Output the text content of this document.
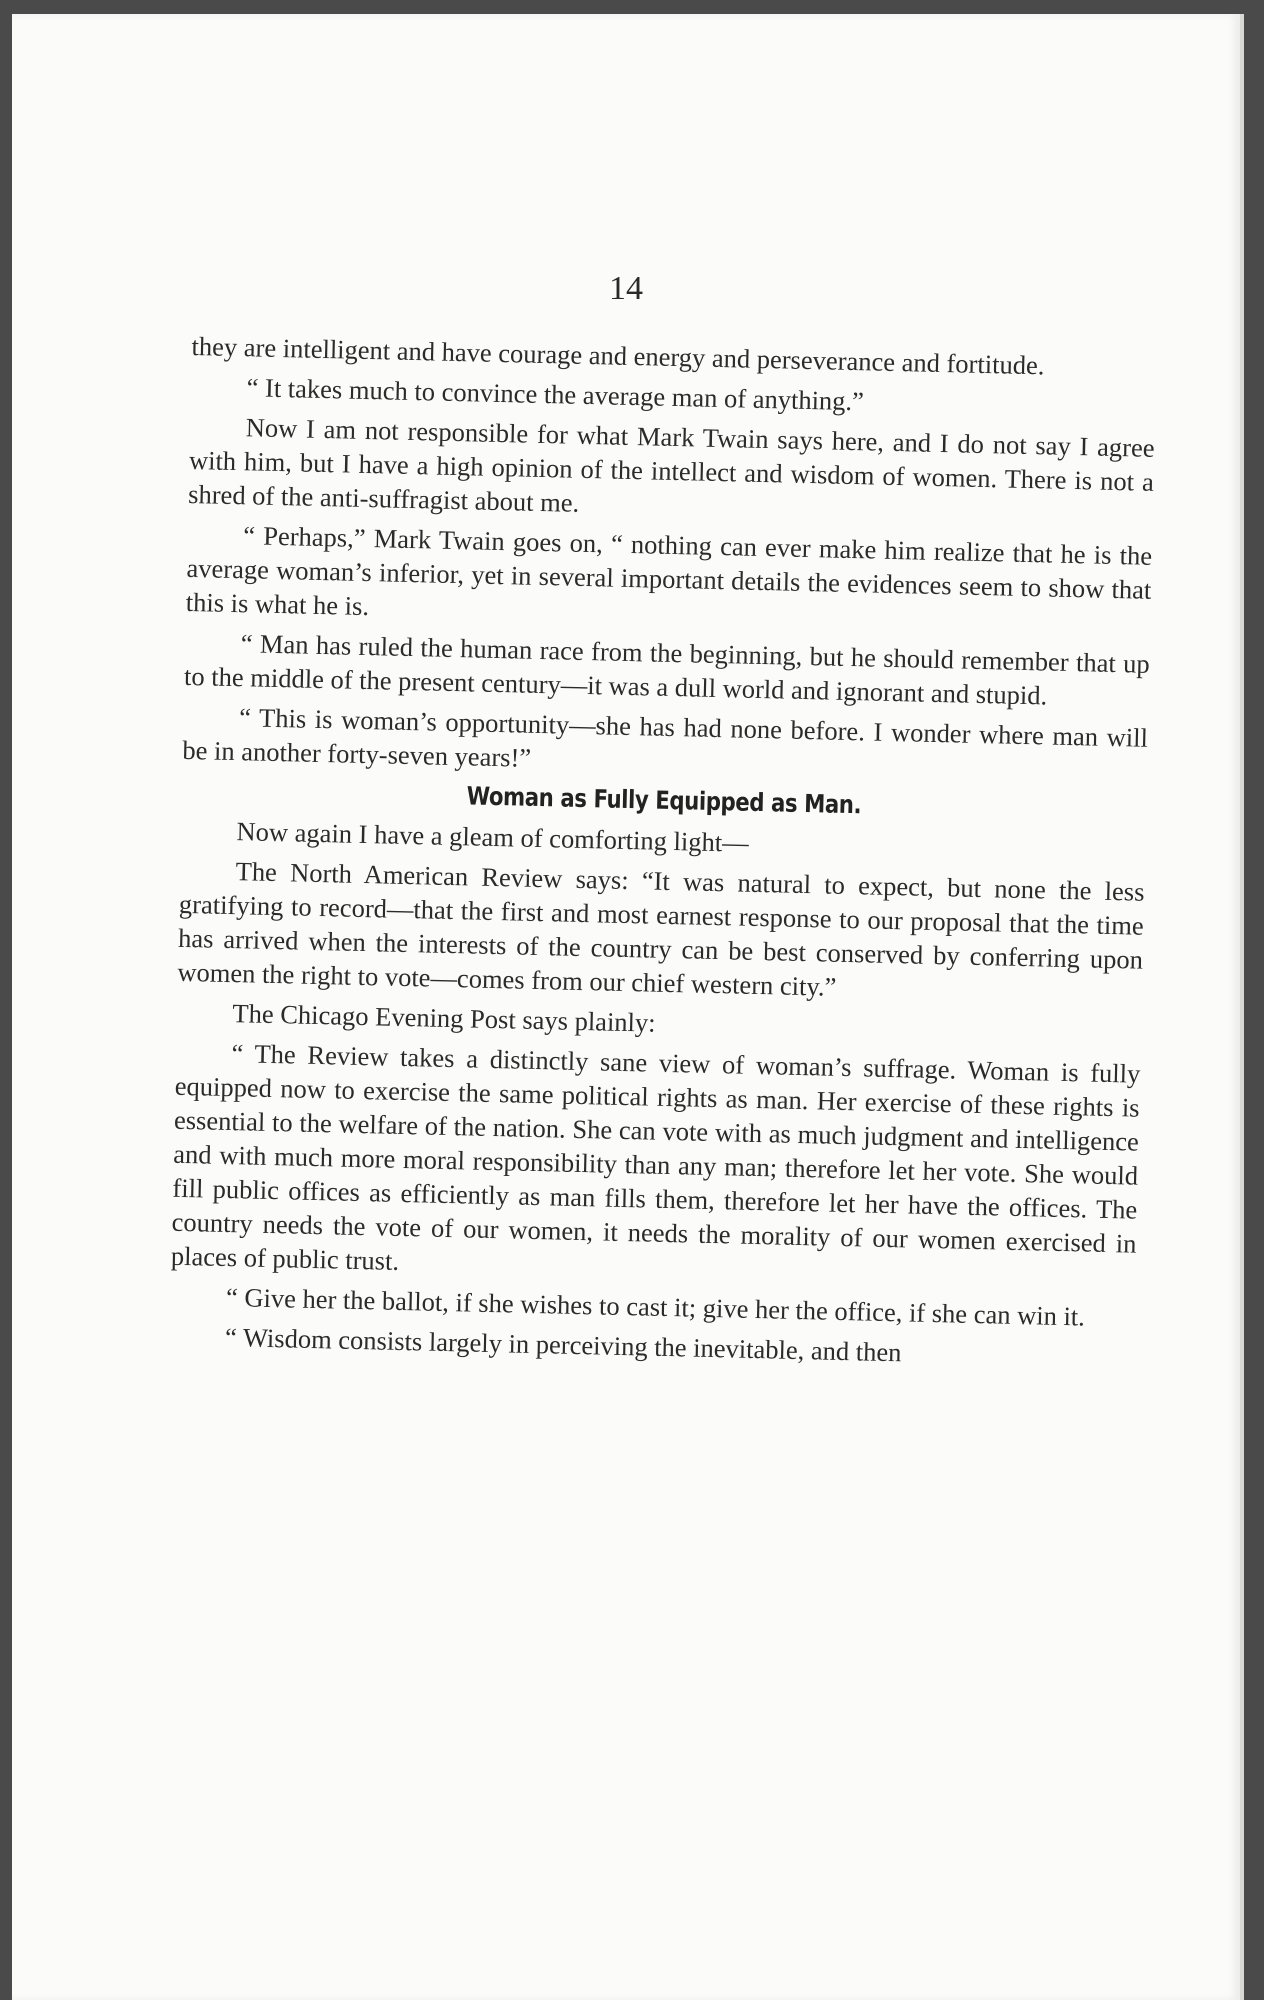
14

they are intelligent and have courage and energy and perseverance and fortitude.

“ It takes much to convince the average man of anything.”

Now I am not responsible for what Mark Twain says here, and I do not say I agree with him, but I have a high opinion of the intellect and wisdom of women. There is not a shred of the anti-suffragist about me.

“ Perhaps,” Mark Twain goes on, “ nothing can ever make him realize that he is the average woman’s inferior, yet in several important details the evidences seem to show that this is what he is.

“ Man has ruled the human race from the beginning, but he should remember that up to the middle of the present century—it was a dull world and ignorant and stupid.

“ This is woman’s opportunity—she has had none before. I wonder where man will be in another forty-seven years!”

Woman as Fully Equipped as Man.

Now again I have a gleam of comforting light—

The North American Review says: “It was natural to expect, but none the less gratifying to record—that the first and most earnest response to our proposal that the time has arrived when the interests of the country can be best conserved by conferring upon women the right to vote—comes from our chief western city.”

The Chicago Evening Post says plainly:

“ The Review takes a distinctly sane view of woman’s suffrage. Woman is fully equipped now to exercise the same political rights as man. Her exercise of these rights is essential to the welfare of the nation. She can vote with as much judgment and intelligence and with much more moral responsibility than any man; therefore let her vote. She would fill public offices as efficiently as man fills them, therefore let her have the offices. The country needs the vote of our women, it needs the morality of our women exercised in places of public trust.

“ Give her the ballot, if she wishes to cast it; give her the office, if she can win it.

“ Wisdom consists largely in perceiving the inevitable, and then
